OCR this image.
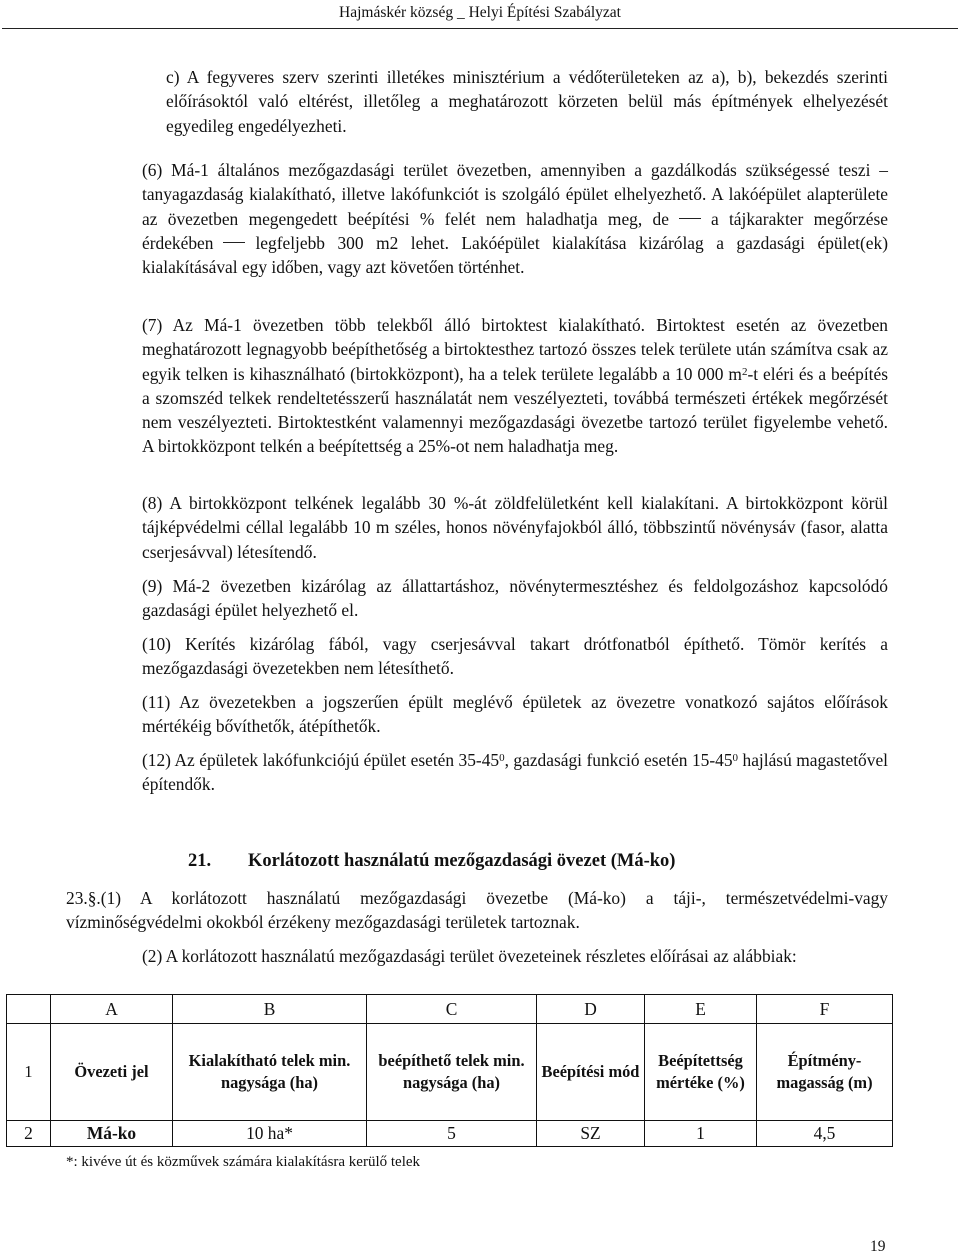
Hajmáskér község _ Helyi Építési Szabályzat

c) A fegyveres szerv szerinti illetékes minisztérium a védőterületeken az a), b), bekezdés szerinti előírásoktól való eltérést, illetőleg a meghatározott körzeten belül más építmények elhelyezését egyedileg engedélyezheti.

(6) Má-1 általános mezőgazdasági terület övezetben, amennyiben a gazdálkodás szükségessé teszi – tanyagazdaság kialakítható, illetve lakófunkciót is szolgáló épület elhelyezhető. A lakóépület alapterülete az övezetben megengedett beépítési % felét nem haladhatja meg, de a tájkarakter megőrzése érdekében legfeljebb 300 m2 lehet. Lakóépület kialakítása kizárólag a gazdasági épület(ek) kialakításával egy időben, vagy azt követően történhet.

(7) Az Má-1 övezetben több telekből álló birtoktest kialakítható. Birtoktest esetén az övezetben meghatározott legnagyobb beépíthetőség a birtoktesthez tartozó összes telek területe után számítva csak az egyik telken is kihasználható (birtokközpont), ha a telek területe legalább a 10 000 $m^2-t$ eléri és a beépítés a szomszéd telkek rendeltetésszerű használatát nem veszélyezteti, továbbá természeti értékek megőrzését nem veszélyezteti. Birtoktestként valamennyi mezőgazdasági övezetbe tartozó terület figyelembe vehető. A birtokközpont telkén a beépítettség a 25%-ot nem haladhatja meg.

(8) A birtokközpont telkének legalább 30 %-át zöldfelületként kell kialakítani. A birtokközpont körül tájképvédelmi céllal legalább 10 m széles, honos növényfajokból álló, többszintű növénysáv (fasor, alatta cserjesávval) létesítendő.

(9) Má-2 övezetben kizárólag az állattartáshoz, növénytermesztéshez és feldolgozáshoz kapcsolódó gazdasági épület helyezhető el.

(10) Kerítés kizárólag fából, vagy cserjesávval takart drótfonatból építhető. Tömör kerítés a mezőgazdasági övezetekben nem létesíthető.

(11) Az övezetekben a jogszerűen épült meglévő épületek az övezetre vonatkozó sajátos előírások mértékéig bővíthetők, átépíthetők.

(12) Az épületek lakófunkciójú épület esetén $35-45^0$, gazdasági funkció esetén $15-45^0$ hajlású magastetővel építendők.

21. Korlátozott használatú mezőgazdasági övezet (Má-ko)

23.§.(1) A korlátozott használatú mezőgazdasági övezetbe (Má-ko) a táji-, természetvédelmi-vagy vízminőségvédelmi okokból érzékeny mezőgazdasági területek tartoznak.

(2) A korlátozott használatú mezőgazdasági terület övezeteinek részletes előírásai az alábbiak:

	A	B	C	D	E	F
1	Övezeti jel	Kialakítható telek min. nagysága (ha)	beépíthető telek min. nagysága (ha)	Beépítési mód	Beépítettség mértéke (%)	Építmény-magasság (m)
2	Má-ko	10 ha*	5	SZ	1	4,5
*: kivéve út és közművek számára kialakításra kerülő telek
19
